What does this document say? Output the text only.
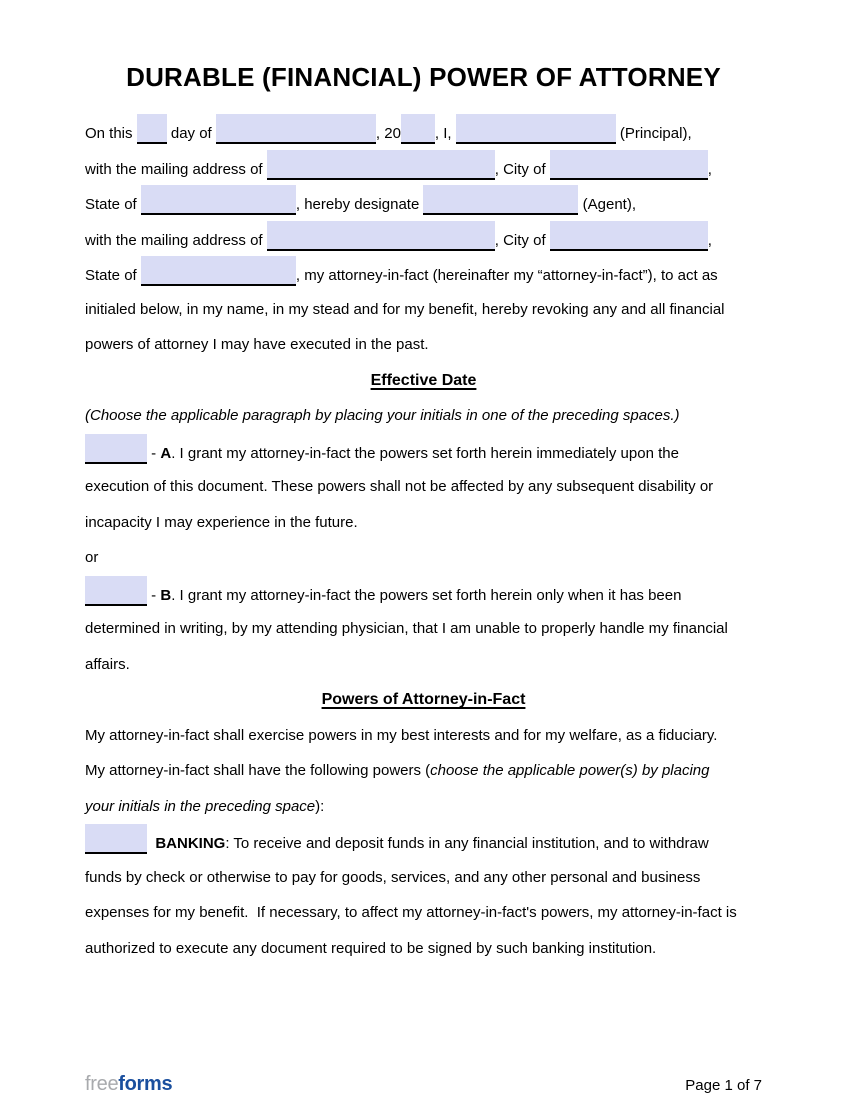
DURABLE (FINANCIAL) POWER OF ATTORNEY
On this  day of	, 20 , I,	(Principal),
with the mailing address of	, City of	,
State of	, hereby designate	(Agent),
with the mailing address of	, City of	,
State of	, my attorney-in-fact (hereinafter my “attorney-in-fact”), to act as
initialed below, in my name, in my stead and for my benefit, hereby revoking any and all financial
powers of attorney I may have executed in the past.
Effective Date
(Choose the applicable paragraph by placing your initials in one of the preceding spaces.)
- A. I grant my attorney-in-fact the powers set forth herein immediately upon the
execution of this document. These powers shall not be affected by any subsequent disability or
incapacity I may experience in the future.
or
- B. I grant my attorney-in-fact the powers set forth herein only when it has been
determined in writing, by my attending physician, that I am unable to properly handle my financial
affairs.
Powers of Attorney-in-Fact
My attorney-in-fact shall exercise powers in my best interests and for my welfare, as a fiduciary.
My attorney-in-fact shall have the following powers (choose the applicable power(s) by placing
your initials in the preceding space):
BANKING: To receive and deposit funds in any financial institution, and to withdraw
funds by check or otherwise to pay for goods, services, and any other personal and business
expenses for my benefit.  If necessary, to affect my attorney-in-fact's powers, my attorney-in-fact is
authorized to execute any document required to be signed by such banking institution.
freeforms	Page 1 of 7
